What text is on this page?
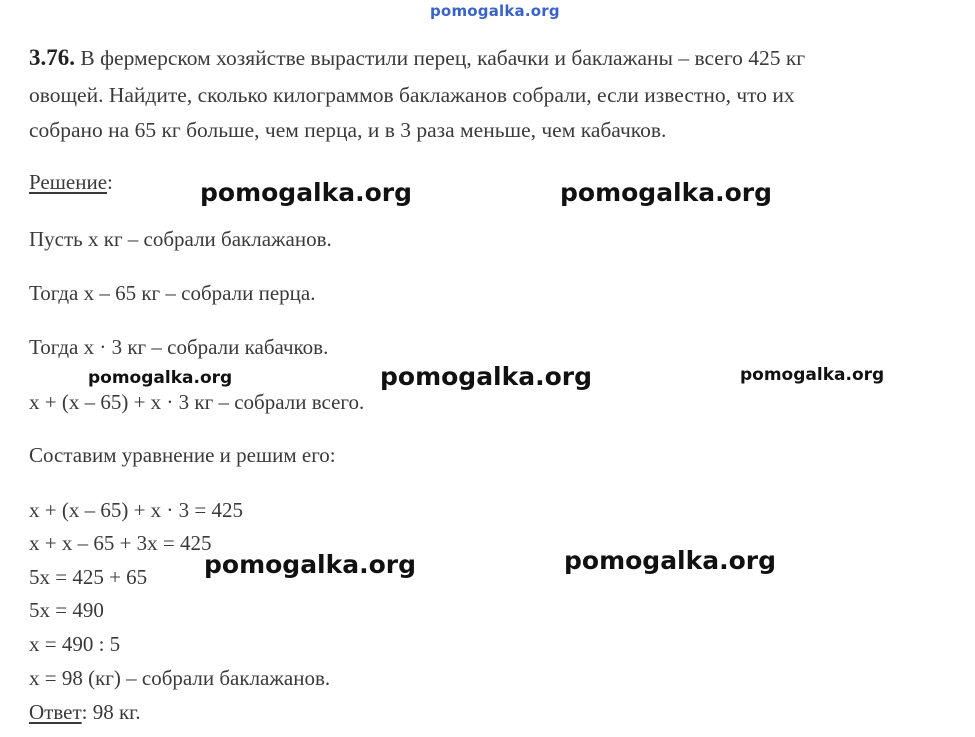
pomogalka.org
3.76. В фермерском хозяйстве вырастили перец, кабачки и баклажаны – всего 425 кг
овощей. Найдите, сколько килограммов баклажанов собрали, если известно, что их
собрано на 65 кг больше, чем перца, и в 3 раза меньше, чем кабачков.
Решение:
Пусть x кг – собрали баклажанов.
Тогда x – 65 кг – собрали перца.
Тогда x · 3 кг – собрали кабачков.
x + (x – 65) + x · 3 кг – собрали всего.
Составим уравнение и решим его:
x + (x – 65) + x · 3 = 425
x + x – 65 + 3x = 425
5x = 425 + 65
5x = 490
x = 490 : 5
x = 98 (кг) – собрали баклажанов.
Ответ: 98 кг.
pomogalka.org	pomogalka.org
pomogalka.org	pomogalka.org	pomogalka.org
pomogalka.org	pomogalka.org
